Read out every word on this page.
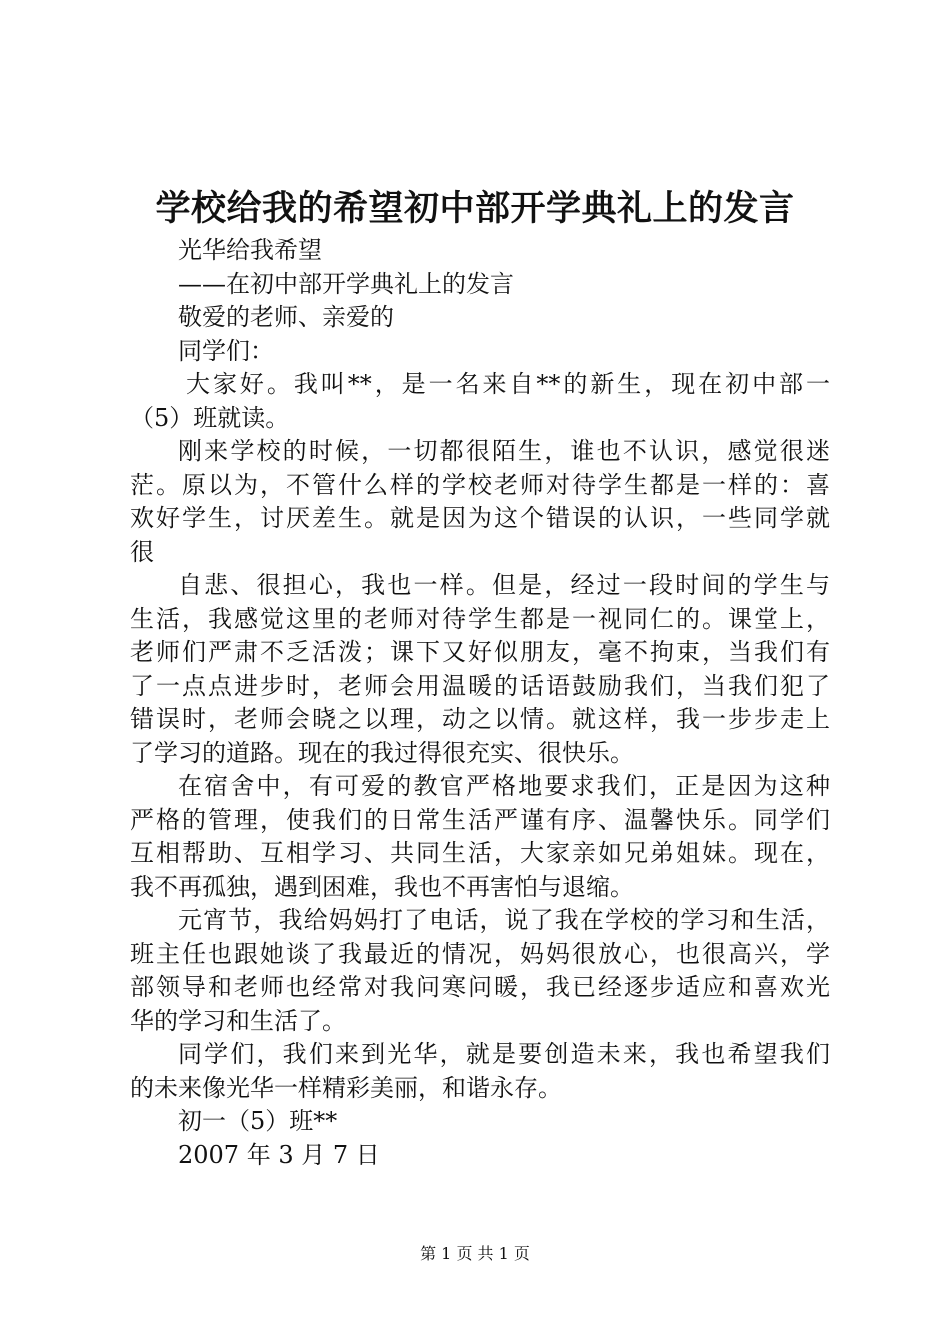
学校给我的希望初中部开学典礼上的发言
光华给我希望
——在初中部开学典礼上的发言
敬爱的老师、亲爱的
同学们：
大家好。我叫**，是一名来自**的新生，现在初中部一
（5）班就读。
刚来学校的时候，一切都很陌生，谁也不认识，感觉很迷
茫。原以为，不管什么样的学校老师对待学生都是一样的：喜
欢好学生，讨厌差生。就是因为这个错误的认识，一些同学就
很
自悲、很担心，我也一样。但是，经过一段时间的学生与
生活，我感觉这里的老师对待学生都是一视同仁的。课堂上，
老师们严肃不乏活泼；课下又好似朋友，毫不拘束，当我们有
了一点点进步时，老师会用温暖的话语鼓励我们，当我们犯了
错误时，老师会晓之以理，动之以情。就这样，我一步步走上
了学习的道路。现在的我过得很充实、很快乐。
在宿舍中，有可爱的教官严格地要求我们，正是因为这种
严格的管理，使我们的日常生活严谨有序、温馨快乐。同学们
互相帮助、互相学习、共同生活，大家亲如兄弟姐妹。现在，
我不再孤独，遇到困难，我也不再害怕与退缩。
元宵节，我给妈妈打了电话，说了我在学校的学习和生活，
班主任也跟她谈了我最近的情况，妈妈很放心，也很高兴，学
部领导和老师也经常对我问寒问暖，我已经逐步适应和喜欢光
华的学习和生活了。
同学们，我们来到光华，就是要创造未来，我也希望我们
的未来像光华一样精彩美丽，和谐永存。
初一（5）班**
2007 年 3 月 7 日
第 1 页 共 1 页
